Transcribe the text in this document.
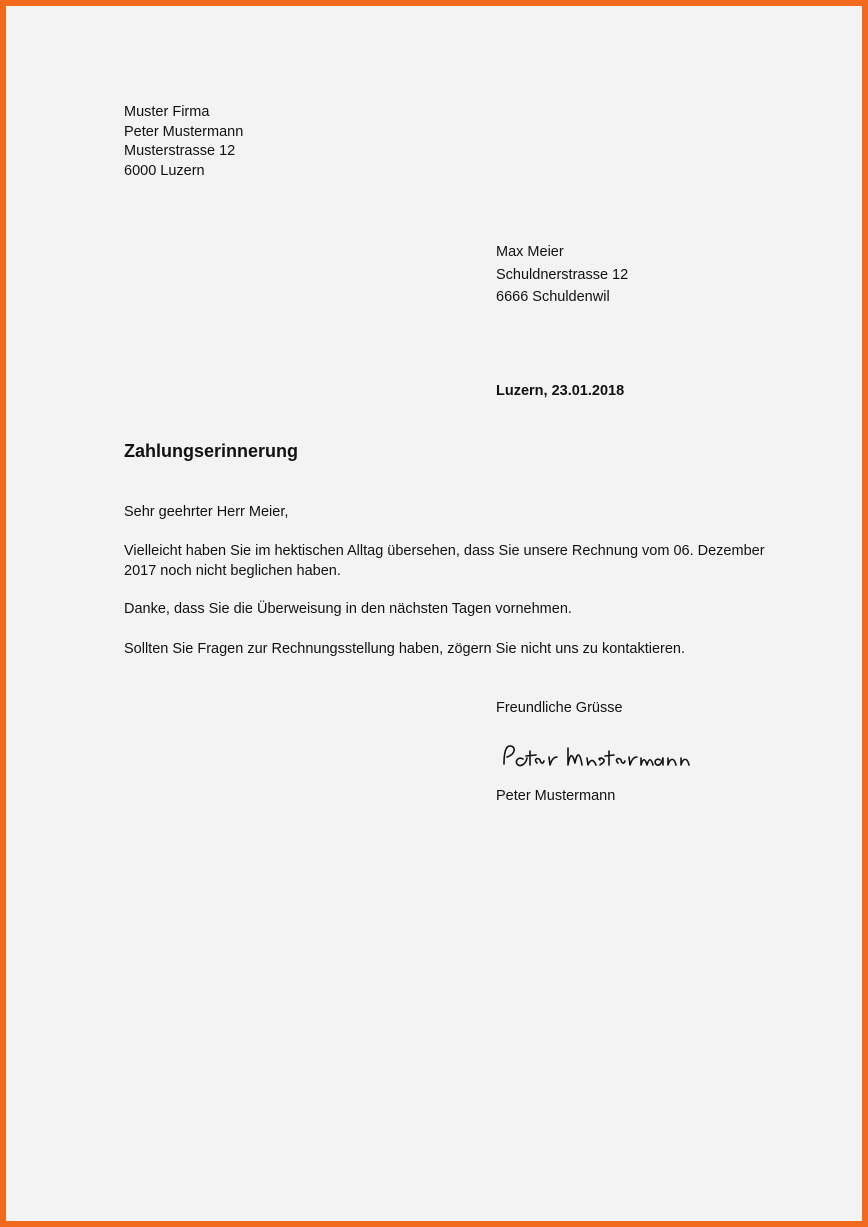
Muster Firma
Peter Mustermann
Musterstrasse 12
6000 Luzern
Max Meier
Schuldnerstrasse 12
6666 Schuldenwil
Luzern, 23.01.2018
Zahlungserinnerung

Sehr geehrter Herr Meier,

Vielleicht haben Sie im hektischen Alltag übersehen, dass Sie unsere Rechnung vom 06. Dezember 2017 noch nicht beglichen haben.

Danke, dass Sie die Überweisung in den nächsten Tagen vornehmen.

Sollten Sie Fragen zur Rechnungsstellung haben, zögern Sie nicht uns zu kontaktieren.

Freundliche Grüsse
Peter Mustermann
